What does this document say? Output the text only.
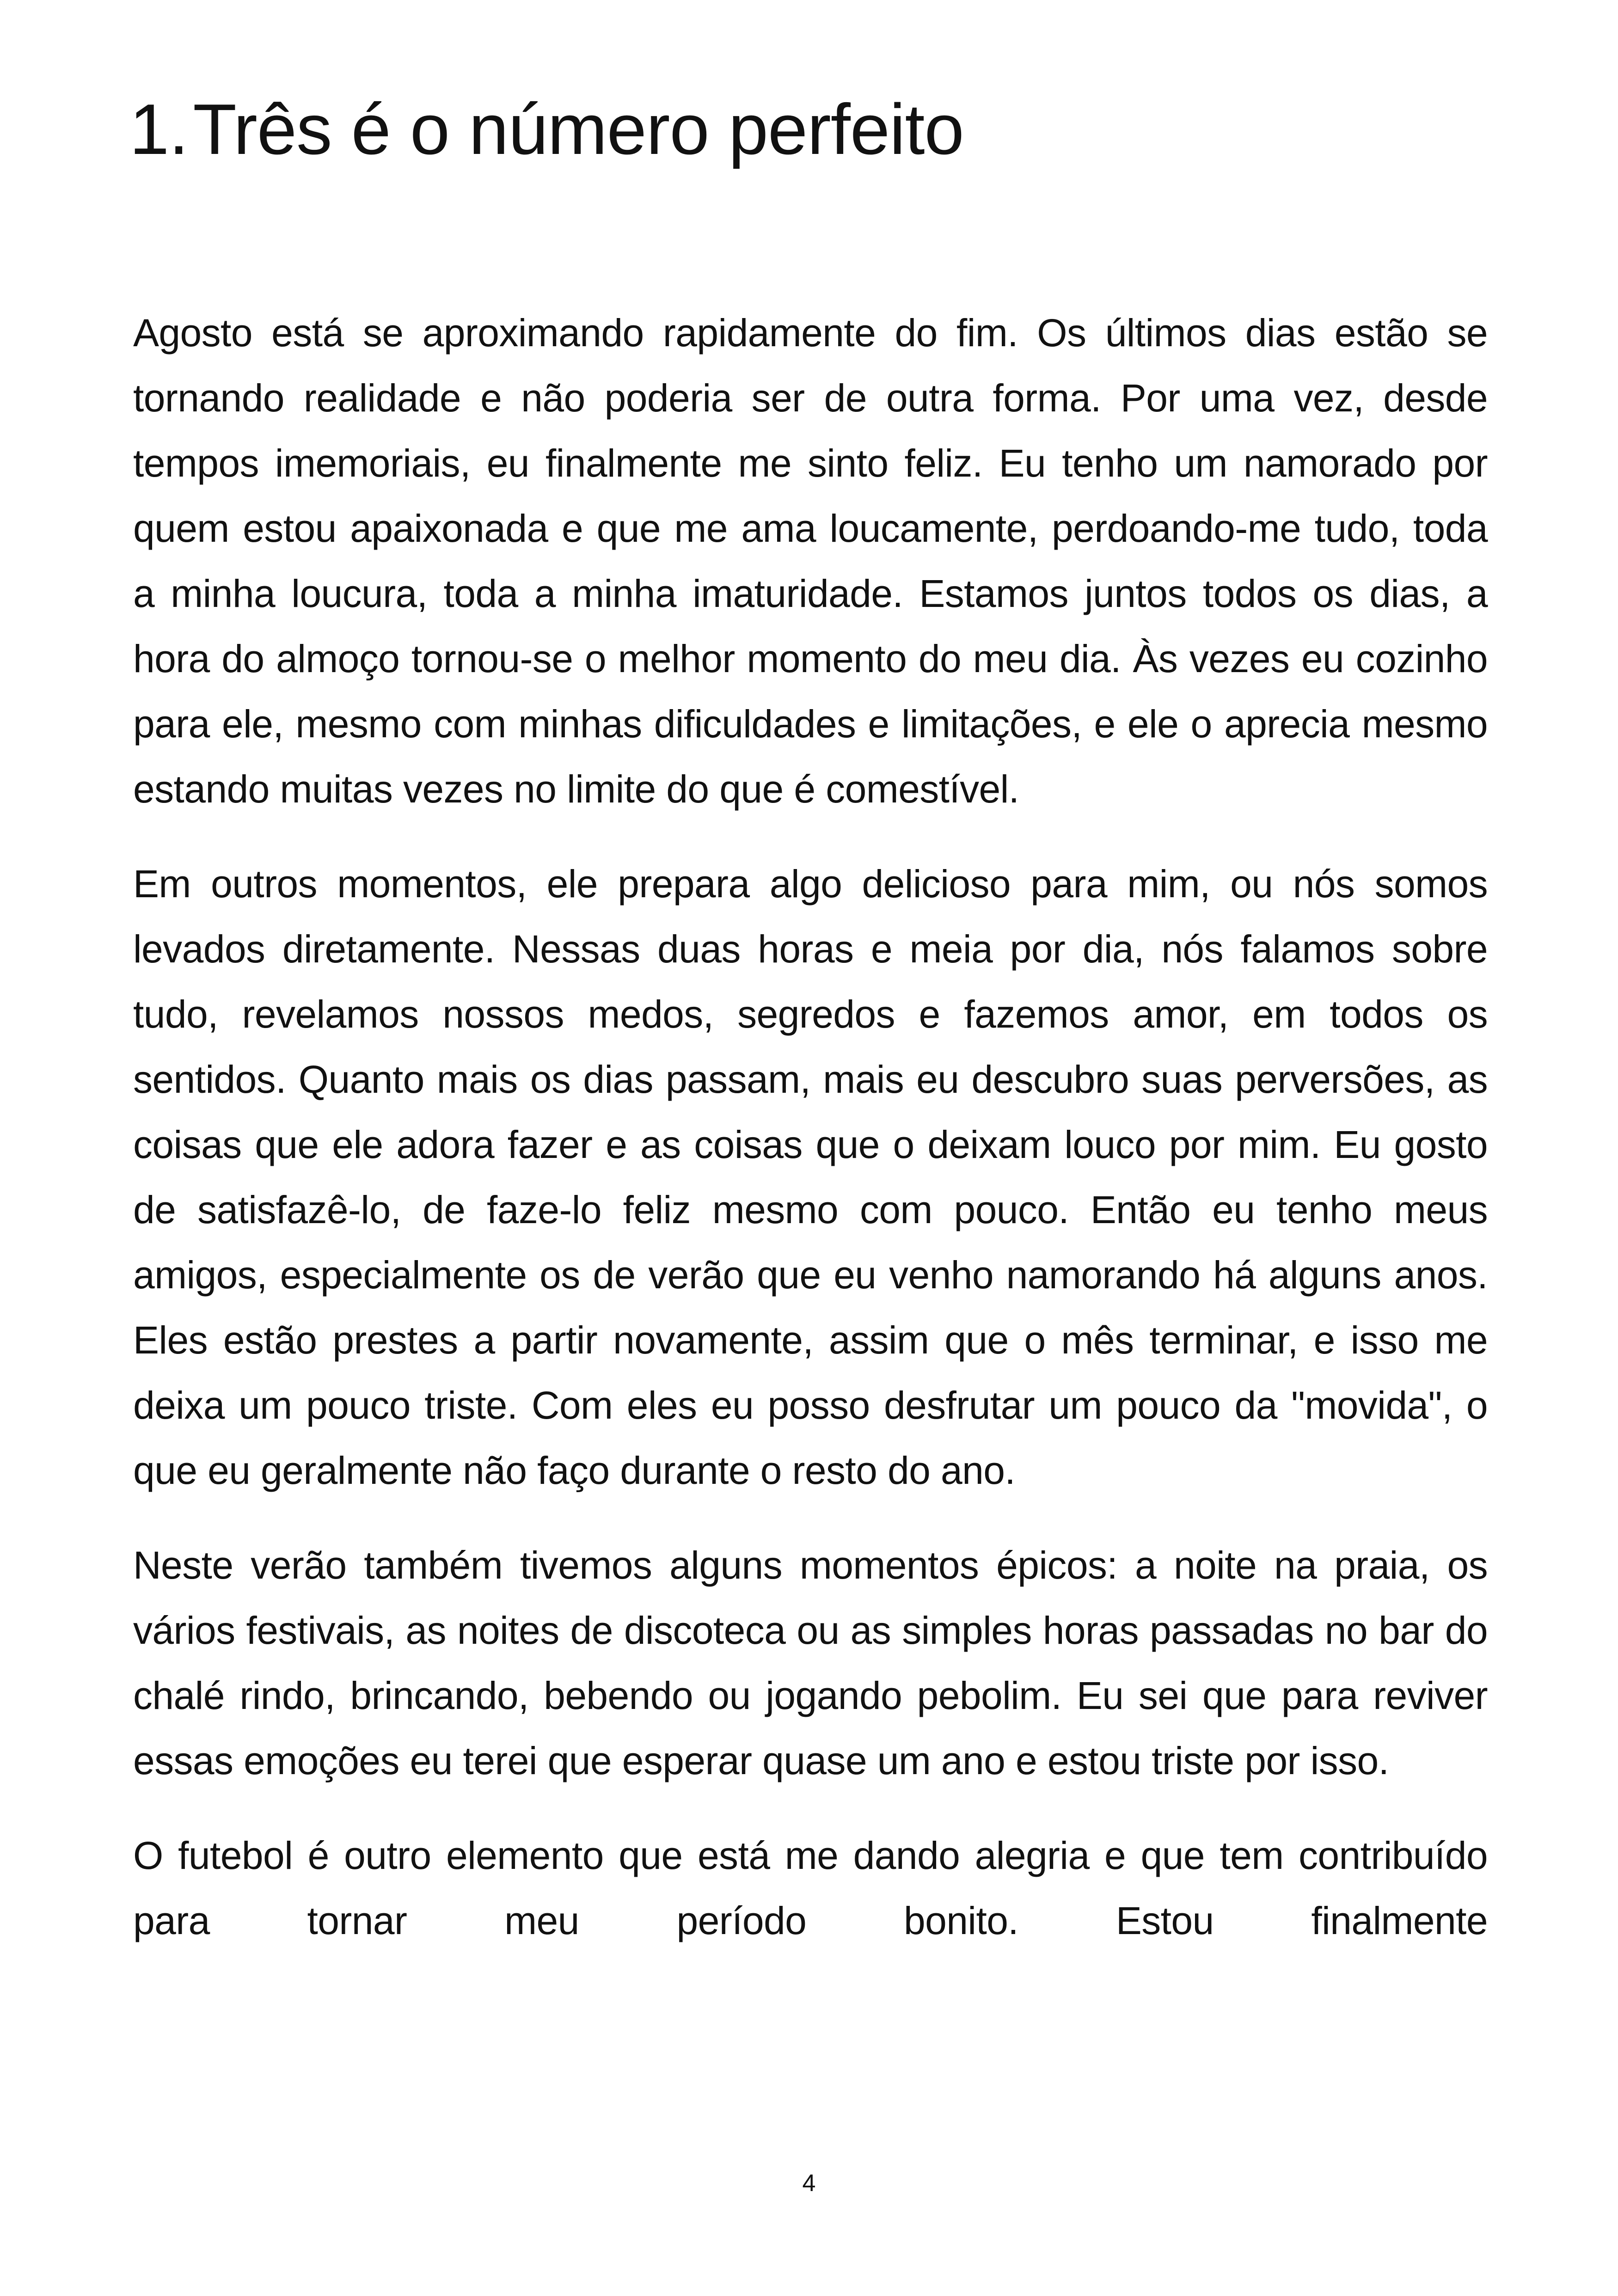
1.Três é o número perfeito

Agosto está se aproximando rapidamente do fim. Os últimos dias estão se tornando realidade e não poderia ser de outra forma. Por uma vez, desde tempos imemoriais, eu finalmente me sinto feliz. Eu tenho um namorado por quem estou apaixonada e que me ama loucamente, perdoando-me tudo, toda a minha loucura, toda a minha imaturidade. Estamos juntos todos os dias, a hora do almoço tornou-se o melhor momento do meu dia. Às vezes eu cozinho para ele, mesmo com minhas dificuldades e limitações, e ele o aprecia mesmo estando muitas vezes no limite do que é comestível.

Em outros momentos, ele prepara algo delicioso para mim, ou nós somos levados diretamente. Nessas duas horas e meia por dia, nós falamos sobre tudo, revelamos nossos medos, segredos e fazemos amor, em todos os sentidos. Quanto mais os dias passam, mais eu descubro suas perversões, as coisas que ele adora fazer e as coisas que o deixam louco por mim. Eu gosto de satisfazê-lo, de faze-lo feliz mesmo com pouco. Então eu tenho meus amigos, especialmente os de verão que eu venho namorando há alguns anos. Eles estão prestes a partir novamente, assim que o mês terminar, e isso me deixa um pouco triste. Com eles eu posso desfrutar um pouco da "movida", o que eu geralmente não faço durante o resto do ano.

Neste verão também tivemos alguns momentos épicos: a noite na praia, os vários festivais, as noites de discoteca ou as simples horas passadas no bar do chalé rindo, brincando, bebendo ou jogando pebolim. Eu sei que para reviver essas emoções eu terei que esperar quase um ano e estou triste por isso.

O futebol é outro elemento que está me dando alegria e que tem contribuído para tornar meu período bonito. Estou finalmente

4
